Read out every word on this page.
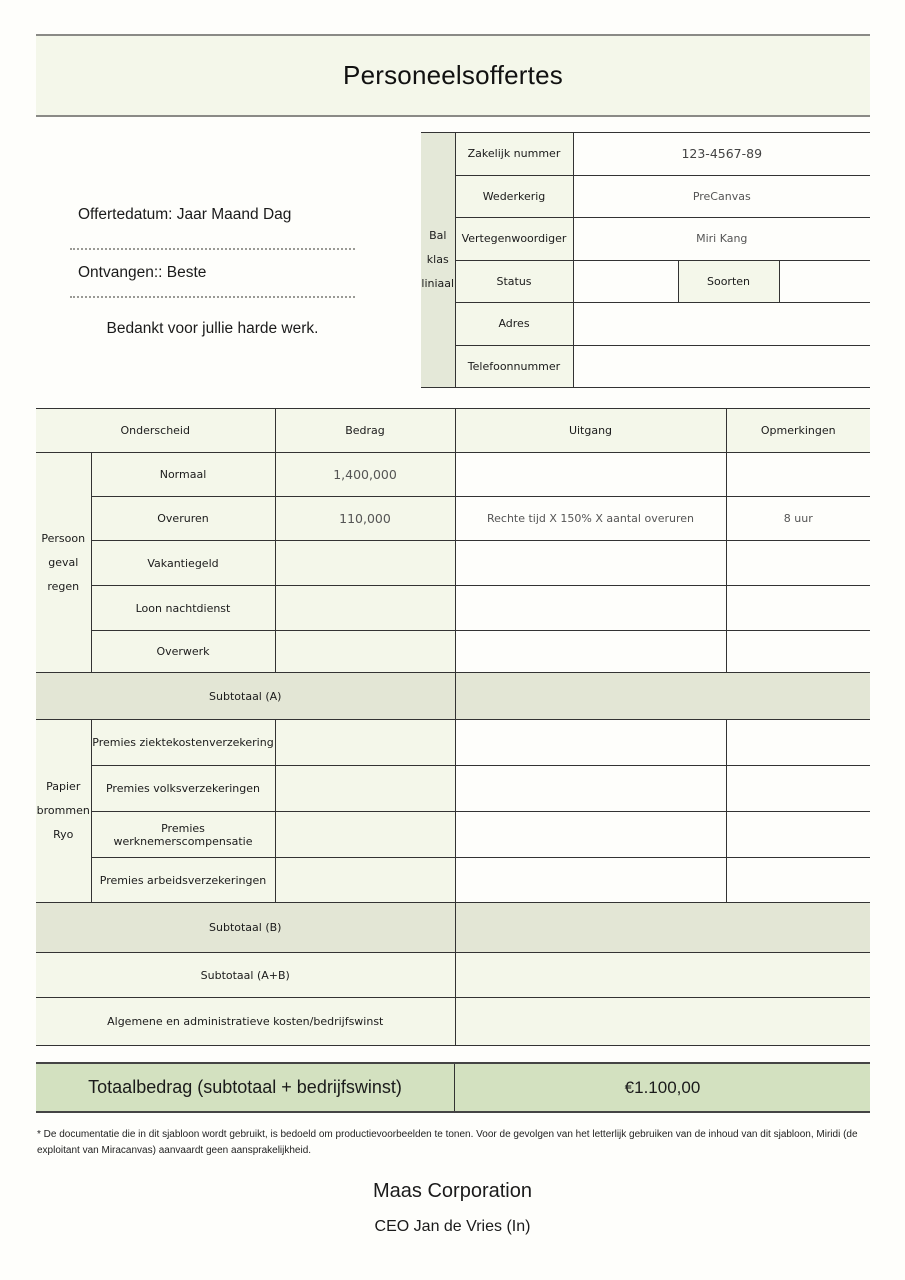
Personeelsoffertes
Offertedatum: Jaar Maand Dag
Ontvangen:: Beste
Bedankt voor jullie harde werk.
Bal
klas
liniaal	Zakelijk nummer	123-4567-89		
	Wederkerig	PreCanvas		
	Vertegenwoordiger	Miri Kang		
	Status		Soorten	
	Adres			
	Telefoonnummer			
Onderscheid		Bedrag	Uitgang	Opmerkingen

Persoon
geval
regen	Normaal	1,400,000		
	Overuren	110,000	Rechte tijd X 150% X aantal overuren	8 uur
	Vakantiegeld			
	Loon nachtdienst			
	Overwerk			
Subtotaal (A)				

Papier
brommen
Ryo	Premies ziektekostenverzekering			
	Premies volksverzekeringen			
	Premies werknemerscompensatie			
	Premies arbeidsverzekeringen			
Subtotaal (B)				
Subtotaal (A+B)				
Algemene en administratieve kosten/bedrijfswinst				
Totaalbedrag (subtotaal + bedrijfswinst)	€1.100,00
* De documentatie die in dit sjabloon wordt gebruikt, is bedoeld om productievoorbeelden te tonen. Voor de gevolgen van het letterlijk gebruiken van de inhoud van dit sjabloon, Miridi (de exploitant van Miracanvas) aanvaardt geen aansprakelijkheid.
Maas Corporation
CEO Jan de Vries (In)
